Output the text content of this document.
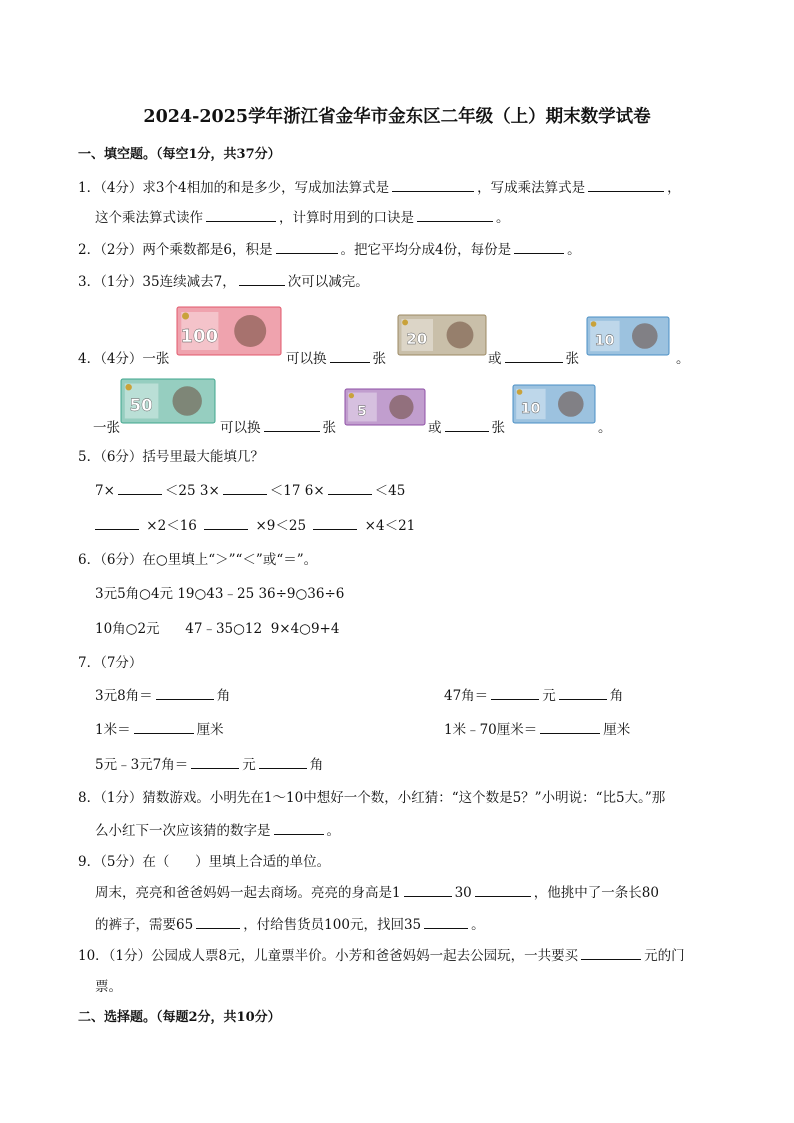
2024-2025学年浙江省金华市金东区二年级（上）期末数学试卷
一、填空题。（每空1分，共37分）
1．（4分）求3个4相加的和是多少，写成加法算式是	，写成乘法算式是	，
这个乘法算式读作	，计算时用到的口诀是	。
2．（2分）两个乘数都是6，积是	。把它平均分成4份，每份是	。
3．（1分）35连续减去7，	次可以减完。
4．（4分）一张
100
可以换	张
20
或	张
10
。
一张
50
可以换	张
5
或	张
10
。
5．（6分）括号里最大能填几？
7×	＜25 3×	＜17 6×	＜45
×2＜16	×9＜25	×4＜21
6．（6分）在○里填上“＞”“＜”或“＝”。
3元5角○4元 19○43﹣25 36÷9○36÷6
10角○2元      47﹣35○12  9×4○9+4
7．（7分）
3元8角＝	角	47角＝	元	角
1米＝	厘米	1米﹣70厘米＝	厘米
5元﹣3元7角＝	元	角
8．（1分）猜数游戏。小明先在1～10中想好一个数，小红猜：“这个数是5？”小明说：“比5大。”那
么小红下一次应该猜的数字是	。
9．（5分）在（      ）里填上合适的单位。
周末，亮亮和爸爸妈妈一起去商场。亮亮的身高是1	30	，他挑中了一条长80
的裤子，需要65	，付给售货员100元，找回35	。
10．（1分）公园成人票8元，儿童票半价。小芳和爸爸妈妈一起去公园玩，一共要买	元的门
票。
二、选择题。（每题2分，共10分）
